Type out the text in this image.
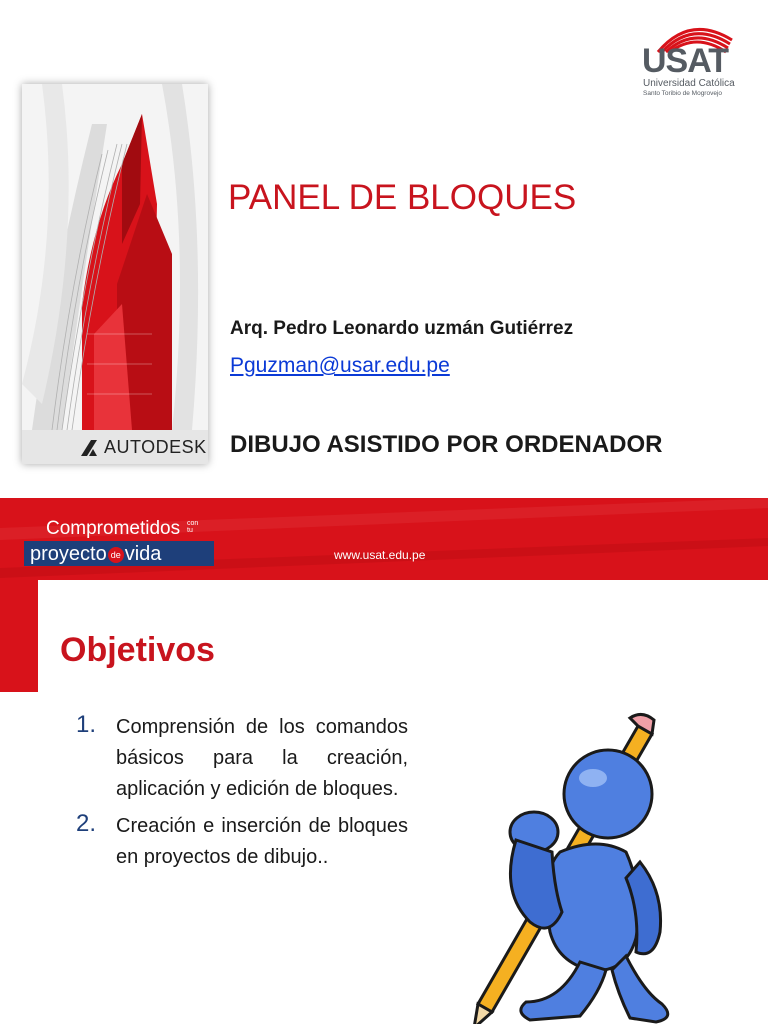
USAT
Universidad Católica
Santo Toribio de Mogrovejo
AUTODESK
PANEL DE BLOQUES
Arq. Pedro Leonardo uzmán Gutiérrez
Pguzman@usar.edu.pe
DIBUJO ASISTIDO POR ORDENADOR
Comprometidos con tu
proyecto de vida	www.usat.edu.pe
Objetivos
1. Comprensión de los comandos básicos para la creación, aplicación y edición de bloques.
2. Creación e inserción de bloques en proyectos de dibujo..
